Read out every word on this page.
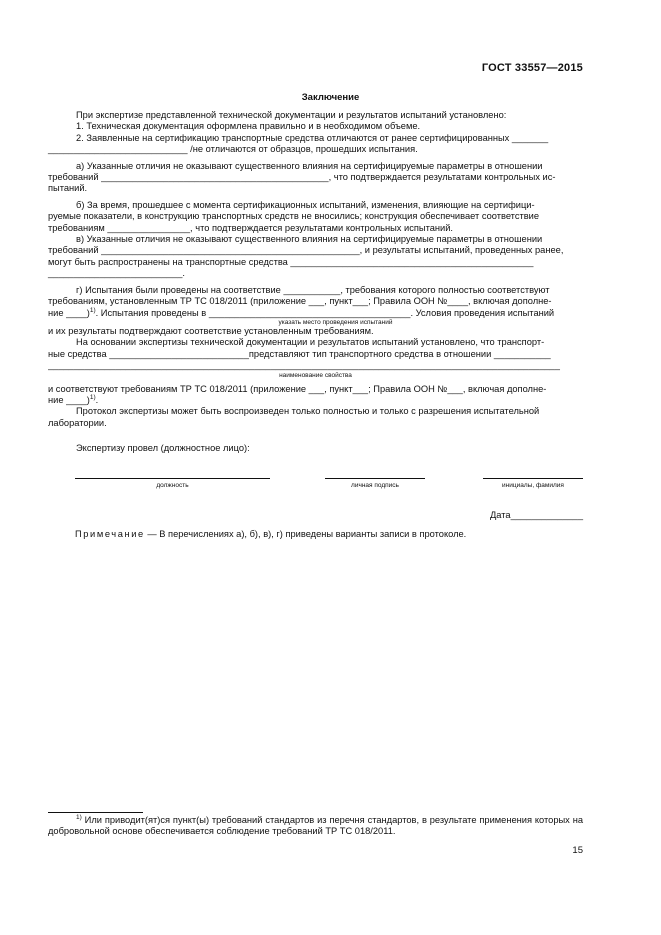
ГОСТ 33557—2015
Заключение

При экспертизе представленной технической документации и результатов испытаний установлено:

1. Техническая документация оформлена правильно и в необходимом объеме.

2. Заявленные на сертификацию транспортные средства отличаются от ранее сертифицированных _______

___________________________ /не отличаются от образцов, прошедших испытания.

а) Указанные отличия не оказывают существенного влияния на сертифицируемые параметры в отношении

требований ____________________________________________, что подтверждается результатами контрольных ис-

пытаний.

б) За время, прошедшее с момента сертификационных испытаний, изменения, влияющие на сертифици-

руемые показатели, в конструкцию транспортных средств не вносились; конструкция обеспечивает соответствие

требованиям ________________, что подтверждается результатами контрольных испытаний.

в) Указанные отличия не оказывают существенного влияния на сертифицируемые параметры в отношении

требований __________________________________________________, и результаты испытаний, проведенных ранее,

могут быть распространены на транспортные средства _______________________________________________

__________________________.

г) Испытания были проведены на соответствие ___________, требования которого полностью соответствуют

требованиям, установленным ТР ТС 018/2011 (приложение ___, пункт___; Правила ООН №____, включая дополне-

ние ____)$^{1)}$. Испытания проведены в _______________________________________. Условия проведения испытаний

указать место проведения испытаний

и их результаты подтверждают соответствие установленным требованиям.

На основании экспертизы технической документации и результатов испытаний установлено, что транспорт-

ные средства ___________________________представляют тип транспортного средства в отношении ___________

___________________________________________________________________________________________________

наименование свойства

и соответствуют требованиям ТР ТС 018/2011 (приложение ___, пункт___; Правила ООН №___, включая дополне-

ние ____)$^{1)}$.

Протокол экспертизы может быть воспроизведен только полностью и только с разрешения испытательной

лаборатории.

Экспертизу провел (должностное лицо):

должность	личная подпись	инициалы, фамилия
Дата______________
Примечание — В перечислениях а), б), в), г) приведены варианты записи в протоколе.
$^{1)}$ Или приводит(ят)ся пункт(ы) требований стандартов из перечня стандартов, в результате применения которых на добровольной основе обеспечивается соблюдение требований ТР ТС 018/2011.
15
